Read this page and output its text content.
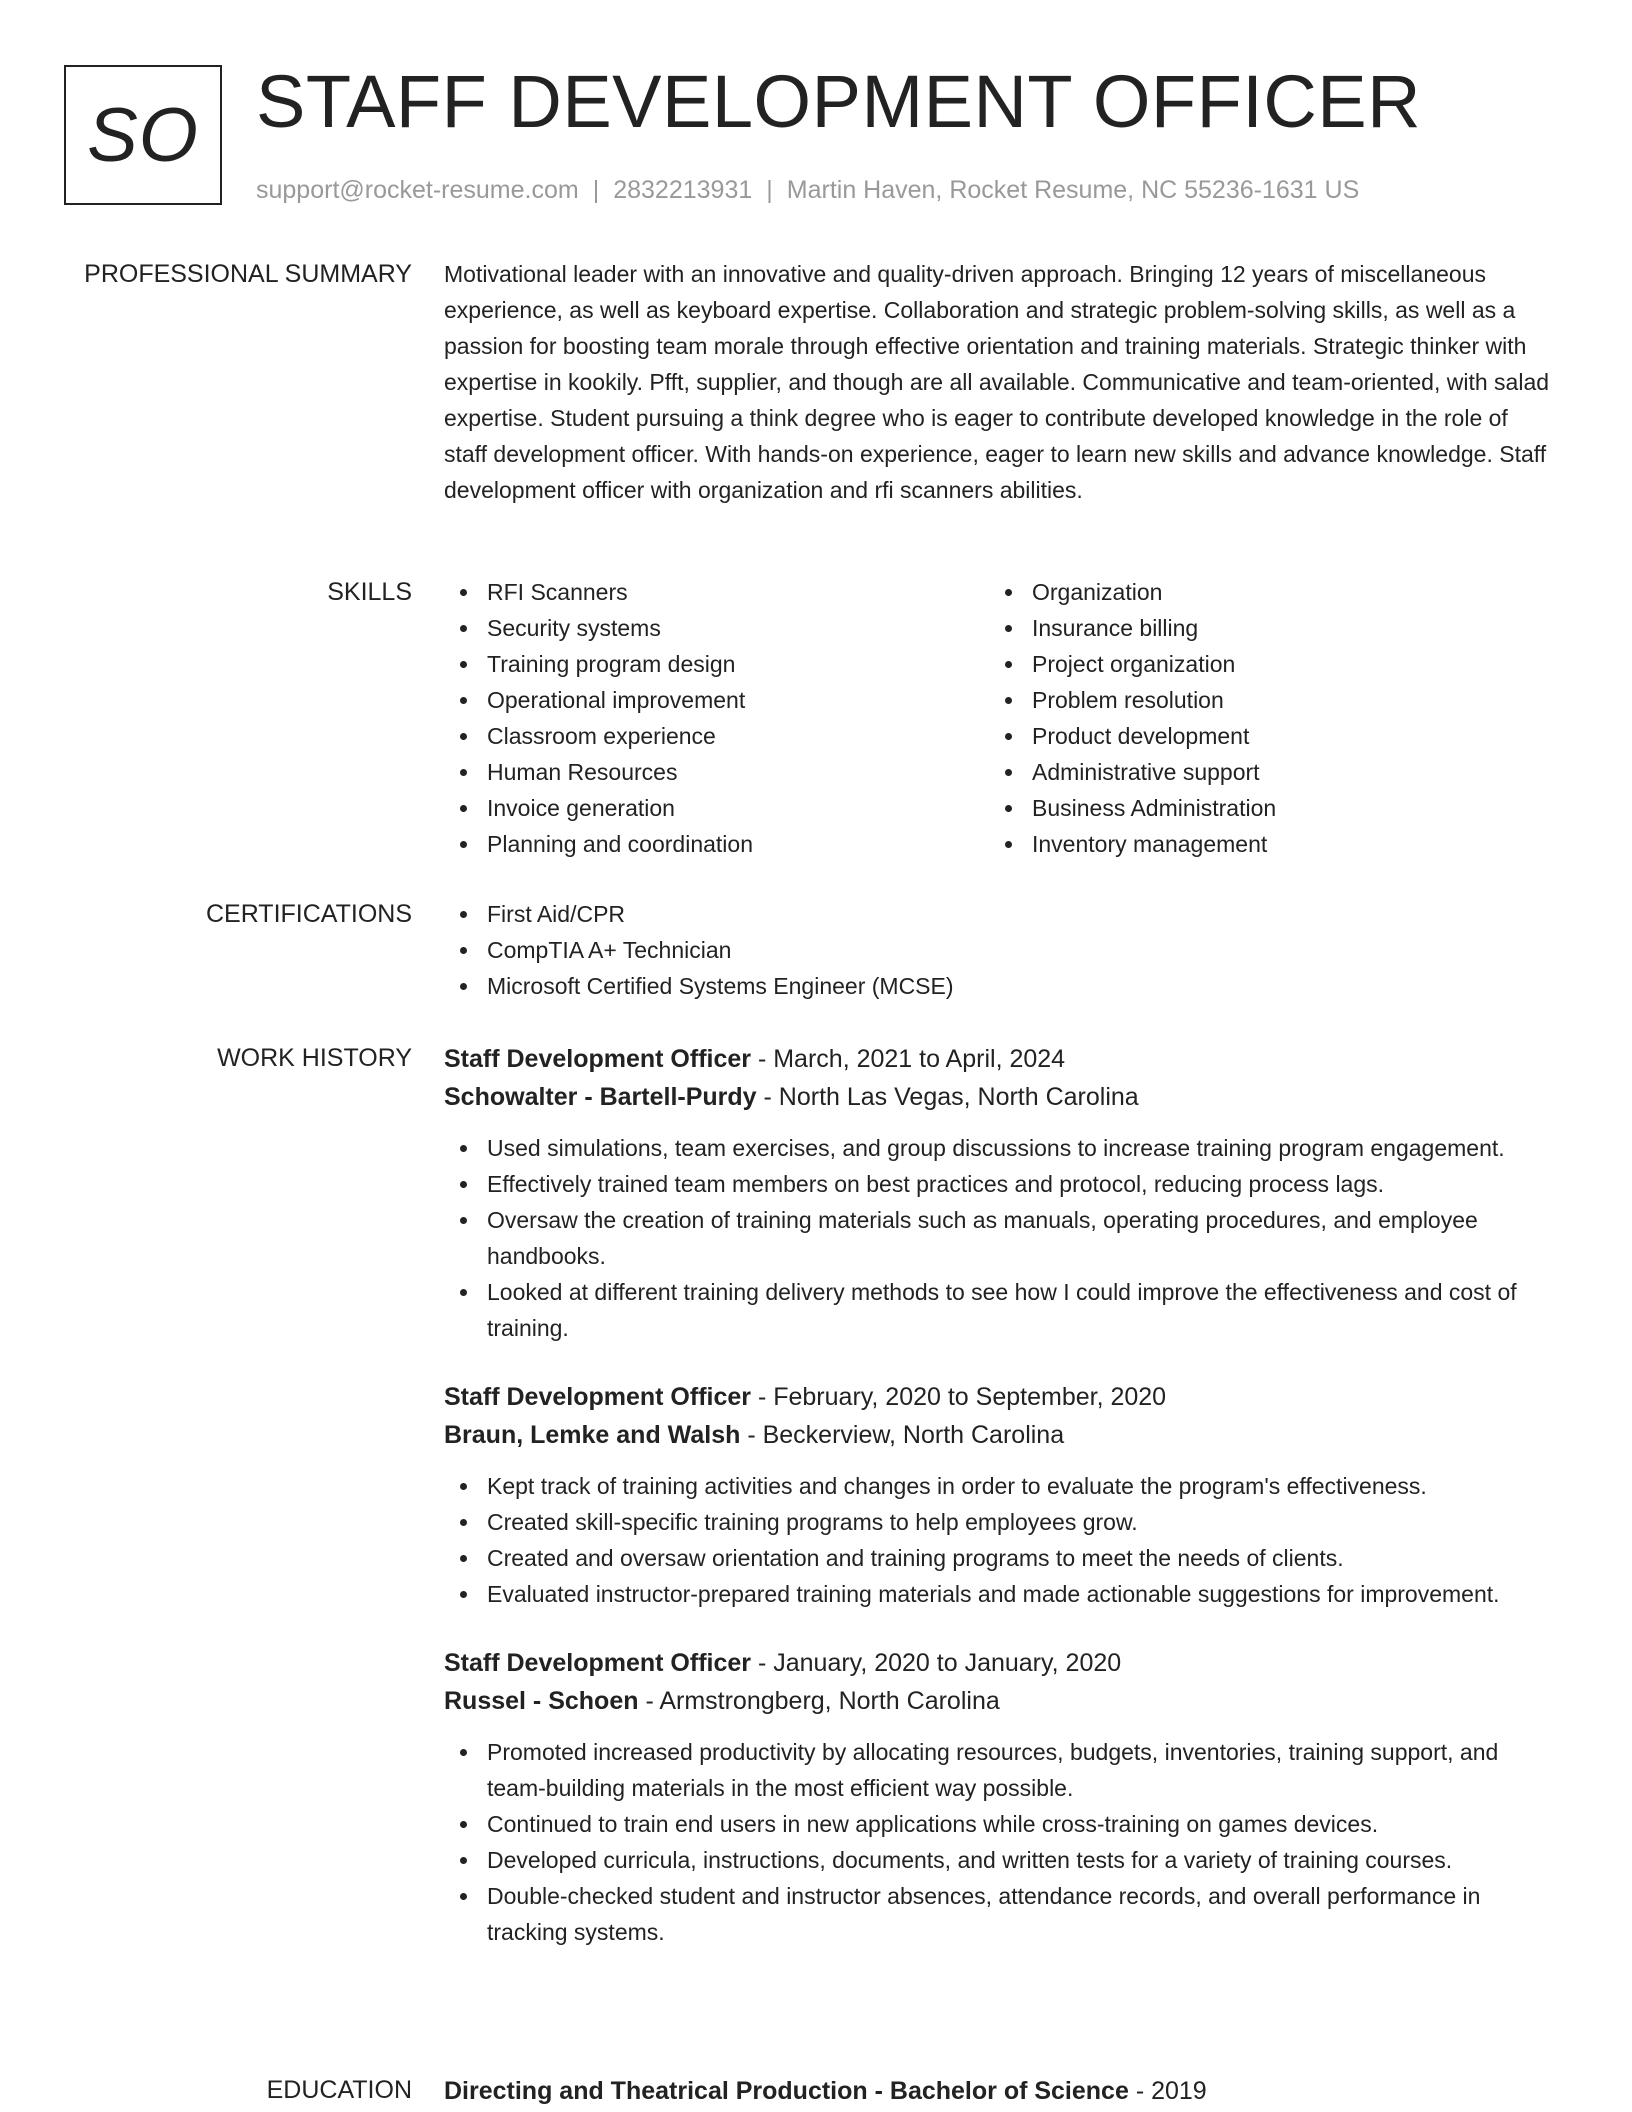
SO STAFF DEVELOPMENT OFFICER
support@rocket-resume.com | 2832213931 | Martin Haven, Rocket Resume, NC 55236-1631 US
PROFESSIONAL SUMMARY Motivational leader with an innovative and quality-driven approach. Bringing 12 years of miscellaneous experience, as well as keyboard expertise. Collaboration and strategic problem-solving skills, as well as a passion for boosting team morale through effective orientation and training materials. Strategic thinker with expertise in kookily. Pfft, supplier, and though are all available. Communicative and team-oriented, with salad expertise. Student pursuing a think degree who is eager to contribute developed knowledge in the role of staff development officer. With hands-on experience, eager to learn new skills and advance knowledge. Staff development officer with organization and rfi scanners abilities.

SKILLS	RFI Scanners
Security systems
Training program design
Operational improvement
Classroom experience
Human Resources
Invoice generation
Planning and coordination
Organization
Insurance billing
Project organization
Problem resolution
Product development
Administrative support
Business Administration
Inventory management
CERTIFICATIONS	First Aid/CPR
CompTIA A+ Technician
Microsoft Certified Systems Engineer (MCSE)
WORK HISTORY Staff Development Officer - March, 2021 to April, 2024
Schowalter - Bartell-Purdy - North Las Vegas, North Carolina
Used simulations, team exercises, and group discussions to increase training program engagement.
Effectively trained team members on best practices and protocol, reducing process lags.
Oversaw the creation of training materials such as manuals, operating procedures, and employee handbooks.
Looked at different training delivery methods to see how I could improve the effectiveness and cost of training.
Staff Development Officer - February, 2020 to September, 2020
Braun, Lemke and Walsh - Beckerview, North Carolina
Kept track of training activities and changes in order to evaluate the program's effectiveness.
Created skill-specific training programs to help employees grow.
Created and oversaw orientation and training programs to meet the needs of clients.
Evaluated instructor-prepared training materials and made actionable suggestions for improvement.
Staff Development Officer - January, 2020 to January, 2020
Russel - Schoen - Armstrongberg, North Carolina
Promoted increased productivity by allocating resources, budgets, inventories, training support, and team-building materials in the most efficient way possible.
Continued to train end users in new applications while cross-training on games devices.
Developed curricula, instructions, documents, and written tests for a variety of training courses.
Double-checked student and instructor absences, attendance records, and overall performance in tracking systems.
EDUCATION Directing and Theatrical Production - Bachelor of Science - 2019
